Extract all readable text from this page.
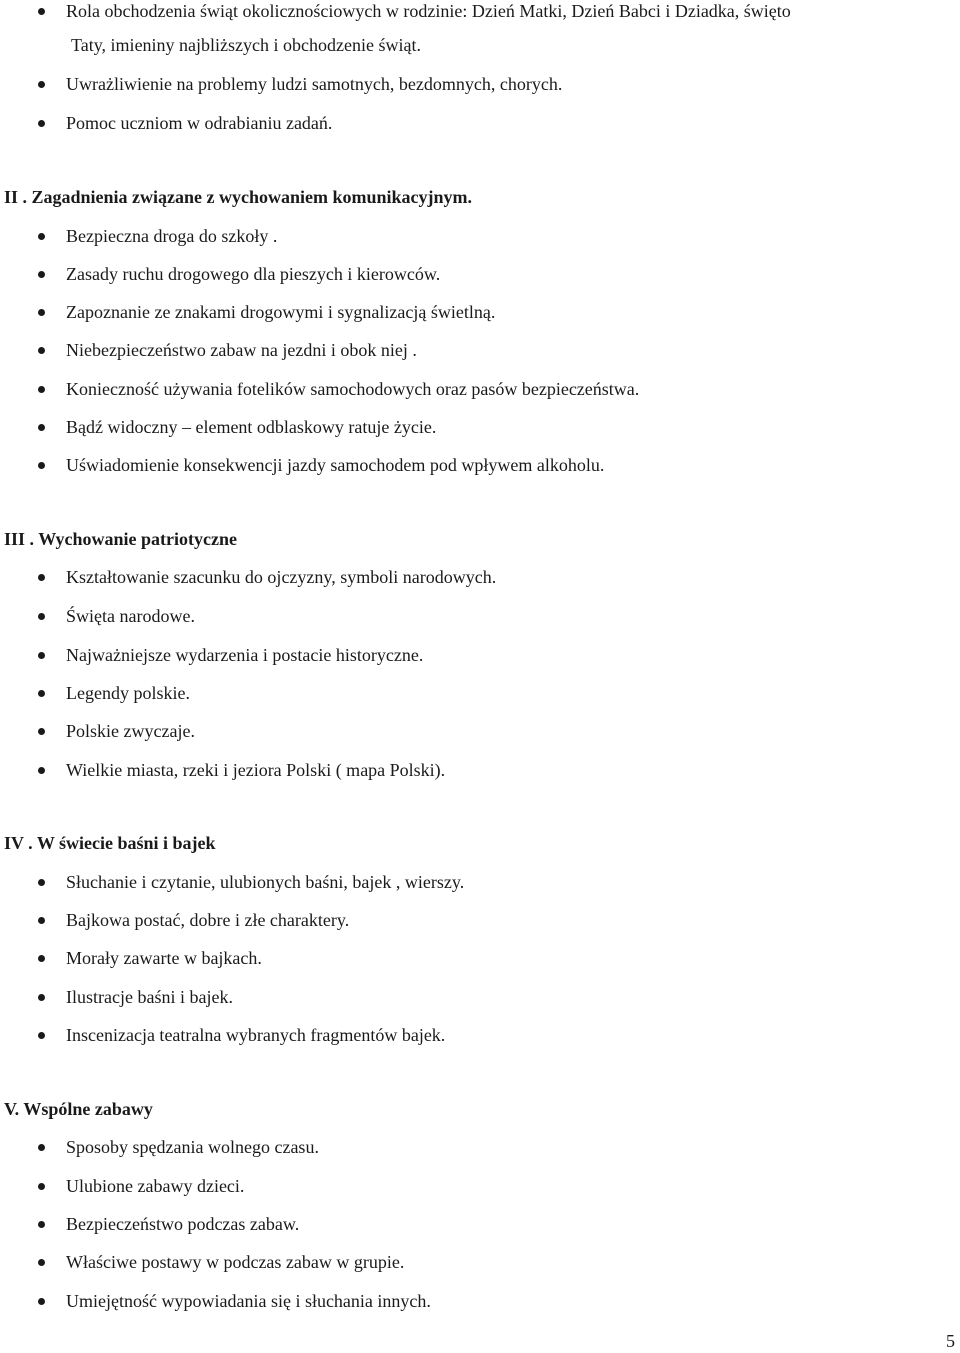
Rola obchodzenia świąt okolicznościowych w rodzinie: Dzień Matki, Dzień Babci i Dziadka, święto
Taty, imieniny najbliższych i obchodzenie świąt.
Uwrażliwienie na problemy ludzi samotnych, bezdomnych, chorych.
Pomoc uczniom w odrabianiu zadań.
II . Zagadnienia związane z wychowaniem komunikacyjnym.
Bezpieczna droga do szkoły .
Zasady ruchu drogowego dla pieszych i kierowców.
Zapoznanie ze znakami drogowymi i sygnalizacją świetlną.
Niebezpieczeństwo zabaw na jezdni i obok niej .
Konieczność używania fotelików samochodowych oraz pasów bezpieczeństwa.
Bądź widoczny – element odblaskowy ratuje życie.
Uświadomienie konsekwencji jazdy samochodem pod wpływem alkoholu.
III . Wychowanie patriotyczne
Kształtowanie szacunku do ojczyzny, symboli narodowych.
Święta narodowe.
Najważniejsze wydarzenia i postacie historyczne.
Legendy polskie.
Polskie zwyczaje.
Wielkie miasta, rzeki i jeziora Polski ( mapa Polski).
IV . W świecie baśni i bajek
Słuchanie i czytanie, ulubionych baśni, bajek , wierszy.
Bajkowa postać, dobre i złe charaktery.
Morały zawarte w bajkach.
Ilustracje baśni i bajek.
Inscenizacja teatralna wybranych fragmentów bajek.
V. Wspólne zabawy
Sposoby spędzania wolnego czasu.
Ulubione zabawy dzieci.
Bezpieczeństwo podczas zabaw.
Właściwe postawy w podczas zabaw w grupie.
Umiejętność wypowiadania się i słuchania innych.
5
